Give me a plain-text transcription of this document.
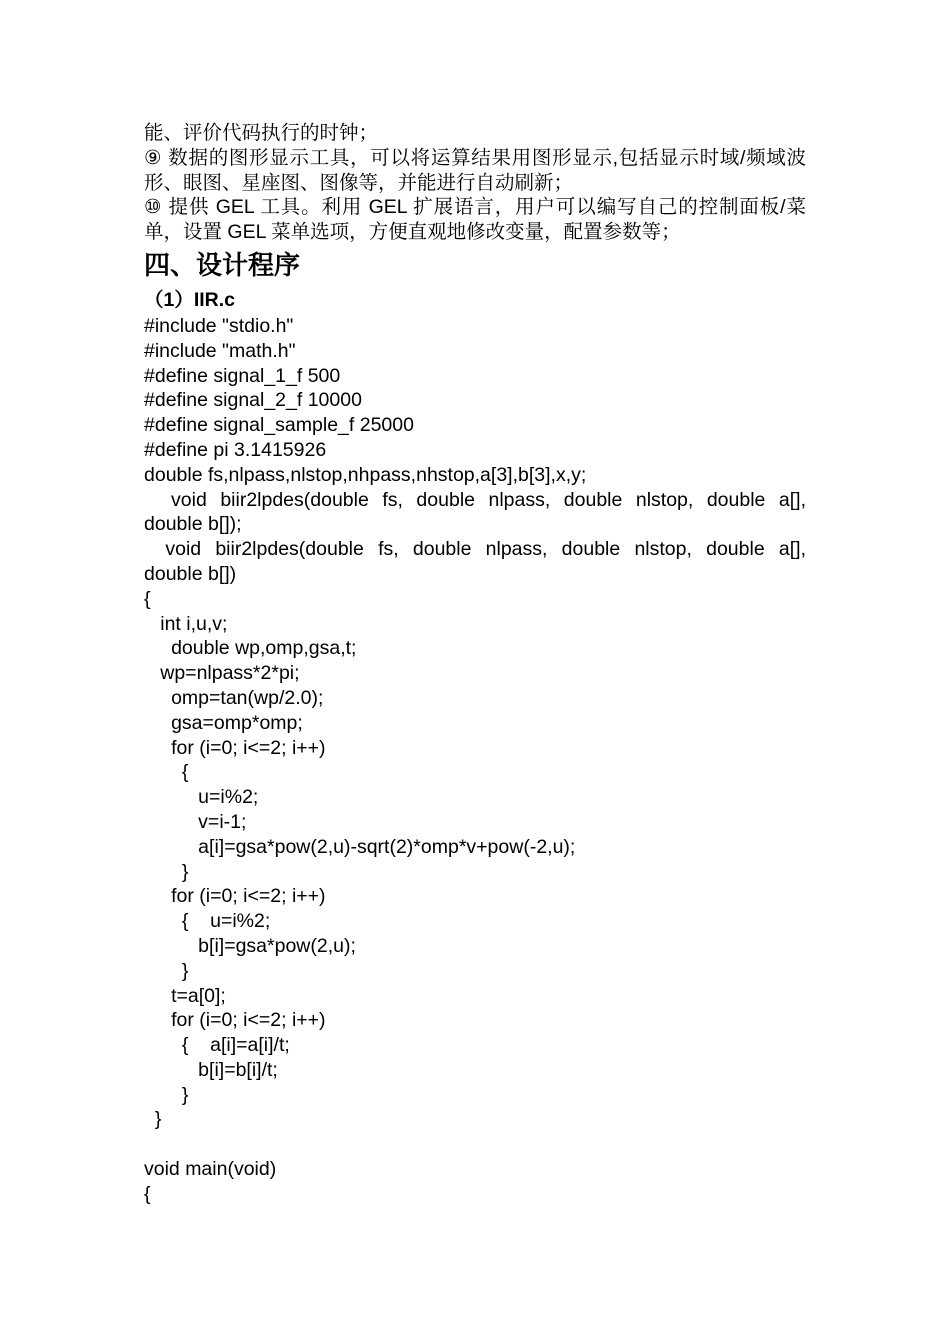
能、评价代码执行的时钟；

⑨ 数据的图形显示工具，可以将运算结果用图形显示,包括显示时域/频域波形、眼图、星座图、图像等，并能进行自动刷新；

⑩ 提供 GEL 工具。利用 GEL 扩展语言，用户可以编写自己的控制面板/菜单，设置 GEL 菜单选项，方便直观地修改变量，配置参数等；

四、设计程序
（1）IIR.c
#include "stdio.h"
#include "math.h"
#define signal_1_f 500
#define signal_2_f 10000
#define signal_sample_f 25000
#define pi 3.1415926
double fs,nlpass,nlstop,nhpass,nhstop,a[3],b[3],x,y;
void  biir2lpdes(double  fs,  double  nlpass,  double  nlstop,  double  a[], double b[]);
void  biir2lpdes(double  fs,  double  nlpass,  double  nlstop,  double  a[], double b[])
{
int i,u,v;
double wp,omp,gsa,t;
wp=nlpass*2*pi;
omp=tan(wp/2.0);
gsa=omp*omp;
for (i=0; i<=2; i++)
{
u=i%2;
v=i-1;
a[i]=gsa*pow(2,u)-sqrt(2)*omp*v+pow(-2,u);
}
for (i=0; i<=2; i++)
{    u=i%2;
b[i]=gsa*pow(2,u);
}
t=a[0];
for (i=0; i<=2; i++)
{    a[i]=a[i]/t;
b[i]=b[i]/t;
}
}
void main(void)
{
